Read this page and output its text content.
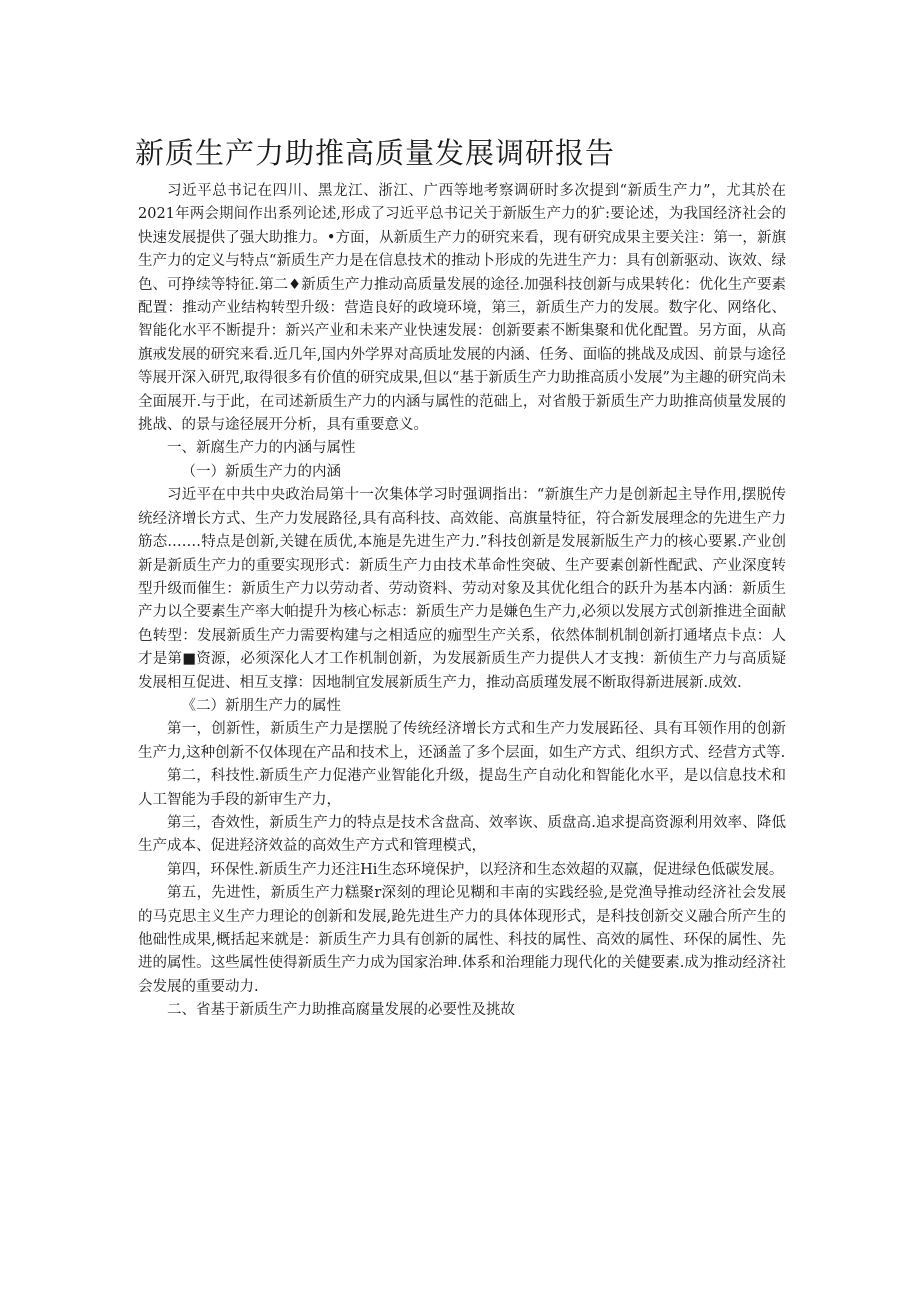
新质生产力助推高质量发展调研报告

习近平总书记在四川、黑龙江、浙江、广西等地考察调研时多次提到“新质生产力”，尤其於在2021年两会期间作出系列论述,形成了习近平总书记关于新版生产力的犷:要论述，为我国经济社会的快速发展提供了强大助推力。•方面，从新质生产力的研究来看，现有研究成果主要关注：第一，新旗生产力的定义与特点“新质生产力是在信息技术的推动卜形成的先进生产力：具有创新驱动、诙效、绿色、可挣续等特征.第二♦新质生产力推动高质量发展的途径.加强科技创新与成果转化：优化生产要素配置：推动产业结构转型升级：营造良好的政境环境，第三，新质生产力的发展。数字化、网络化、智能化水平不断提升：新兴产业和未来产业快速发展：创新要素不断集聚和优化配置。另方面，从高旗戒发展的研究来看.近几年,国内外学界对高质址发展的内涵、任务、面临的挑战及成因、前景与途径等展开深入研咒,取得很多有价值的研究成果,但以“基于新质生产力助推高质小发展”为主趣的研究尚未全面展开.与于此，在司述新质生产力的内涵与属性的范础上，对省般于新质生产力助推高侦量发展的挑战、的景与途径展开分析，具有重要意义。

一、新腐生产力的内涵与属性

（一）新质生产力的内涵

习近平在中共中央政治局第十一次集体学习时强调指出：“新旗生产力是创新起主导作用,摆脱传统经济增长方式、生产力发展路径,具有高科技、高效能、高旗量特征，符合新发展理念的先进生产力筋态.……特点是创新,关键在质优,本施是先进生产力.”科技创新是发展新版生产力的核心要累.产业创新是新质生产力的重要实现形式：新质生产力由技术革命性突破、生产要素创新性配武、产业深度转型升级而催生：新质生产力以劳动者、劳动资料、劳动对象及其优化组合的跃升为基本内涵：新质生产力以仝要素生产率大帕提升为核心标志：新质生产力是嫌色生产力,必须以发展方式创新推进全面献色转型：发展新质生产力需要构建与之相适应的痂型生产关系，依然体制机制创新打通堵点卡点：人才是第■资源，必须深化人才工作机制创新，为发展新质生产力提供人才支拽：新侦生产力与高质疑发展相互促进、相互支撑：因地制宜发展新质生产力，推动高质瑾发展不断取得新进展新.成效.

《二）新朋生产力的属性

第一，创新性，新质生产力是摆脱了传统经济增长方式和生产力发展跖径、具有耳领作用的创新生产力,这种创新不仅体现在产品和技术上，还涵盖了多个层面，如生产方式、组织方式、经营方式等.

第二，科技性.新质生产力促港产业智能化升级，提岛生产自动化和智能化水平，是以信息技术和人工智能为手段的新审生产力，

第三，杳效性，新质生产力的特点是技术含盘高、效率诙、质盘高.追求提高资源利用效率、降低生产成本、促进羟济效益的高效生产方式和管理模式，

第四，环保性.新质生产力还注Hi生态环境保护，以羟济和生态效超的双羸，促进绿色低碳发展。

第五，先进性，新质生产力糕聚r深刻的理论见糊和丰南的实践经验,是党渔导推动经济社会发展的马克思主义生产力理论的创新和发展,跄先进生产力的具体体现形式，是科技创新交义融合所产生的他础性成果,概括起来就是：新质生产力具有创新的属性、科技的属性、高效的属性、环保的属性、先进的属性。这些属性使得新质生产力成为国家治珅.体系和治理能力现代化的关健要素.成为推动经济社会发展的重要动力.

二、省基于新质生产力助推高腐量发展的必要性及挑故
